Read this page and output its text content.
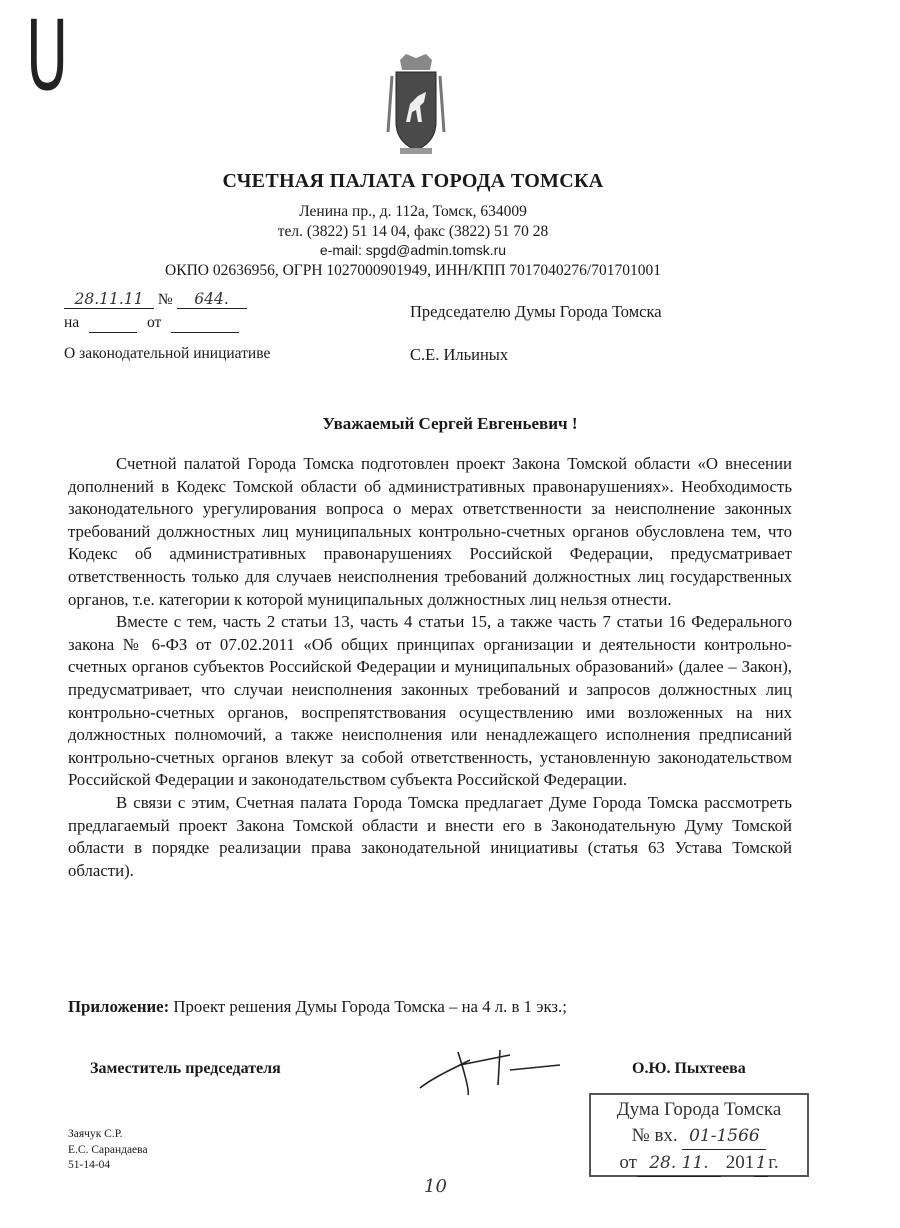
U
СЧЕТНАЯ ПАЛАТА ГОРОДА ТОМСКА
Ленина пр., д. 112а, Томск, 634009
тел. (3822) 51 14 04, факс (3822) 51 70 28
e-mail: spgd@admin.tomsk.ru
ОКПО 02636956, ОГРН 1027000901949, ИНН/КПП 7017040276/701701001
28.11.11 № 644.
на	от
О законодательной инициативе
Председателю Думы Города Томска
С.Е. Ильиных
Уважаемый Сергей Евгеньевич !

Счетной палатой Города Томска подготовлен проект Закона Томской области «О внесении дополнений в Кодекс Томской области об административных правонарушениях». Необходимость законодательного урегулирования вопроса о мерах ответственности за неисполнение законных требований должностных лиц муниципальных контрольно-счетных органов обусловлена тем, что Кодекс об административных правонарушениях Российской Федерации, предусматривает ответственность только для случаев неисполнения требований должностных лиц государственных органов, т.е. категории к которой муниципальных должностных лиц нельзя отнести.

Вместе с тем, часть 2 статьи 13, часть 4 статьи 15, а также часть 7 статьи 16 Федерального закона № 6-ФЗ от 07.02.2011 «Об общих принципах организации и деятельности контрольно-счетных органов субъектов Российской Федерации и муниципальных образований» (далее – Закон), предусматривает, что случаи неисполнения законных требований и запросов должностных лиц контрольно-счетных органов, воспрепятствования осуществлению ими возложенных на них должностных полномочий, а также неисполнения или ненадлежащего исполнения предписаний контрольно-счетных органов влекут за собой ответственность, установленную законодательством Российской Федерации и законодательством субъекта Российской Федерации.

В связи с этим, Счетная палата Города Томска предлагает Думе Города Томска рассмотреть предлагаемый проект Закона Томской области и внести его в Законодательную Думу Томской области в порядке реализации права законодательной инициативы (статья 63 Устава Томской области).

Приложение: Проект решения Думы Города Томска – на 4 л. в 1 экз.;
Заместитель председателя	О.Ю. Пыхтеева
Дума Города Томска
№ вх. 01-1566
от 28. 11. 2011г.
Заячук С.Р.
Е.С. Сарандаева
51-14-04
10
